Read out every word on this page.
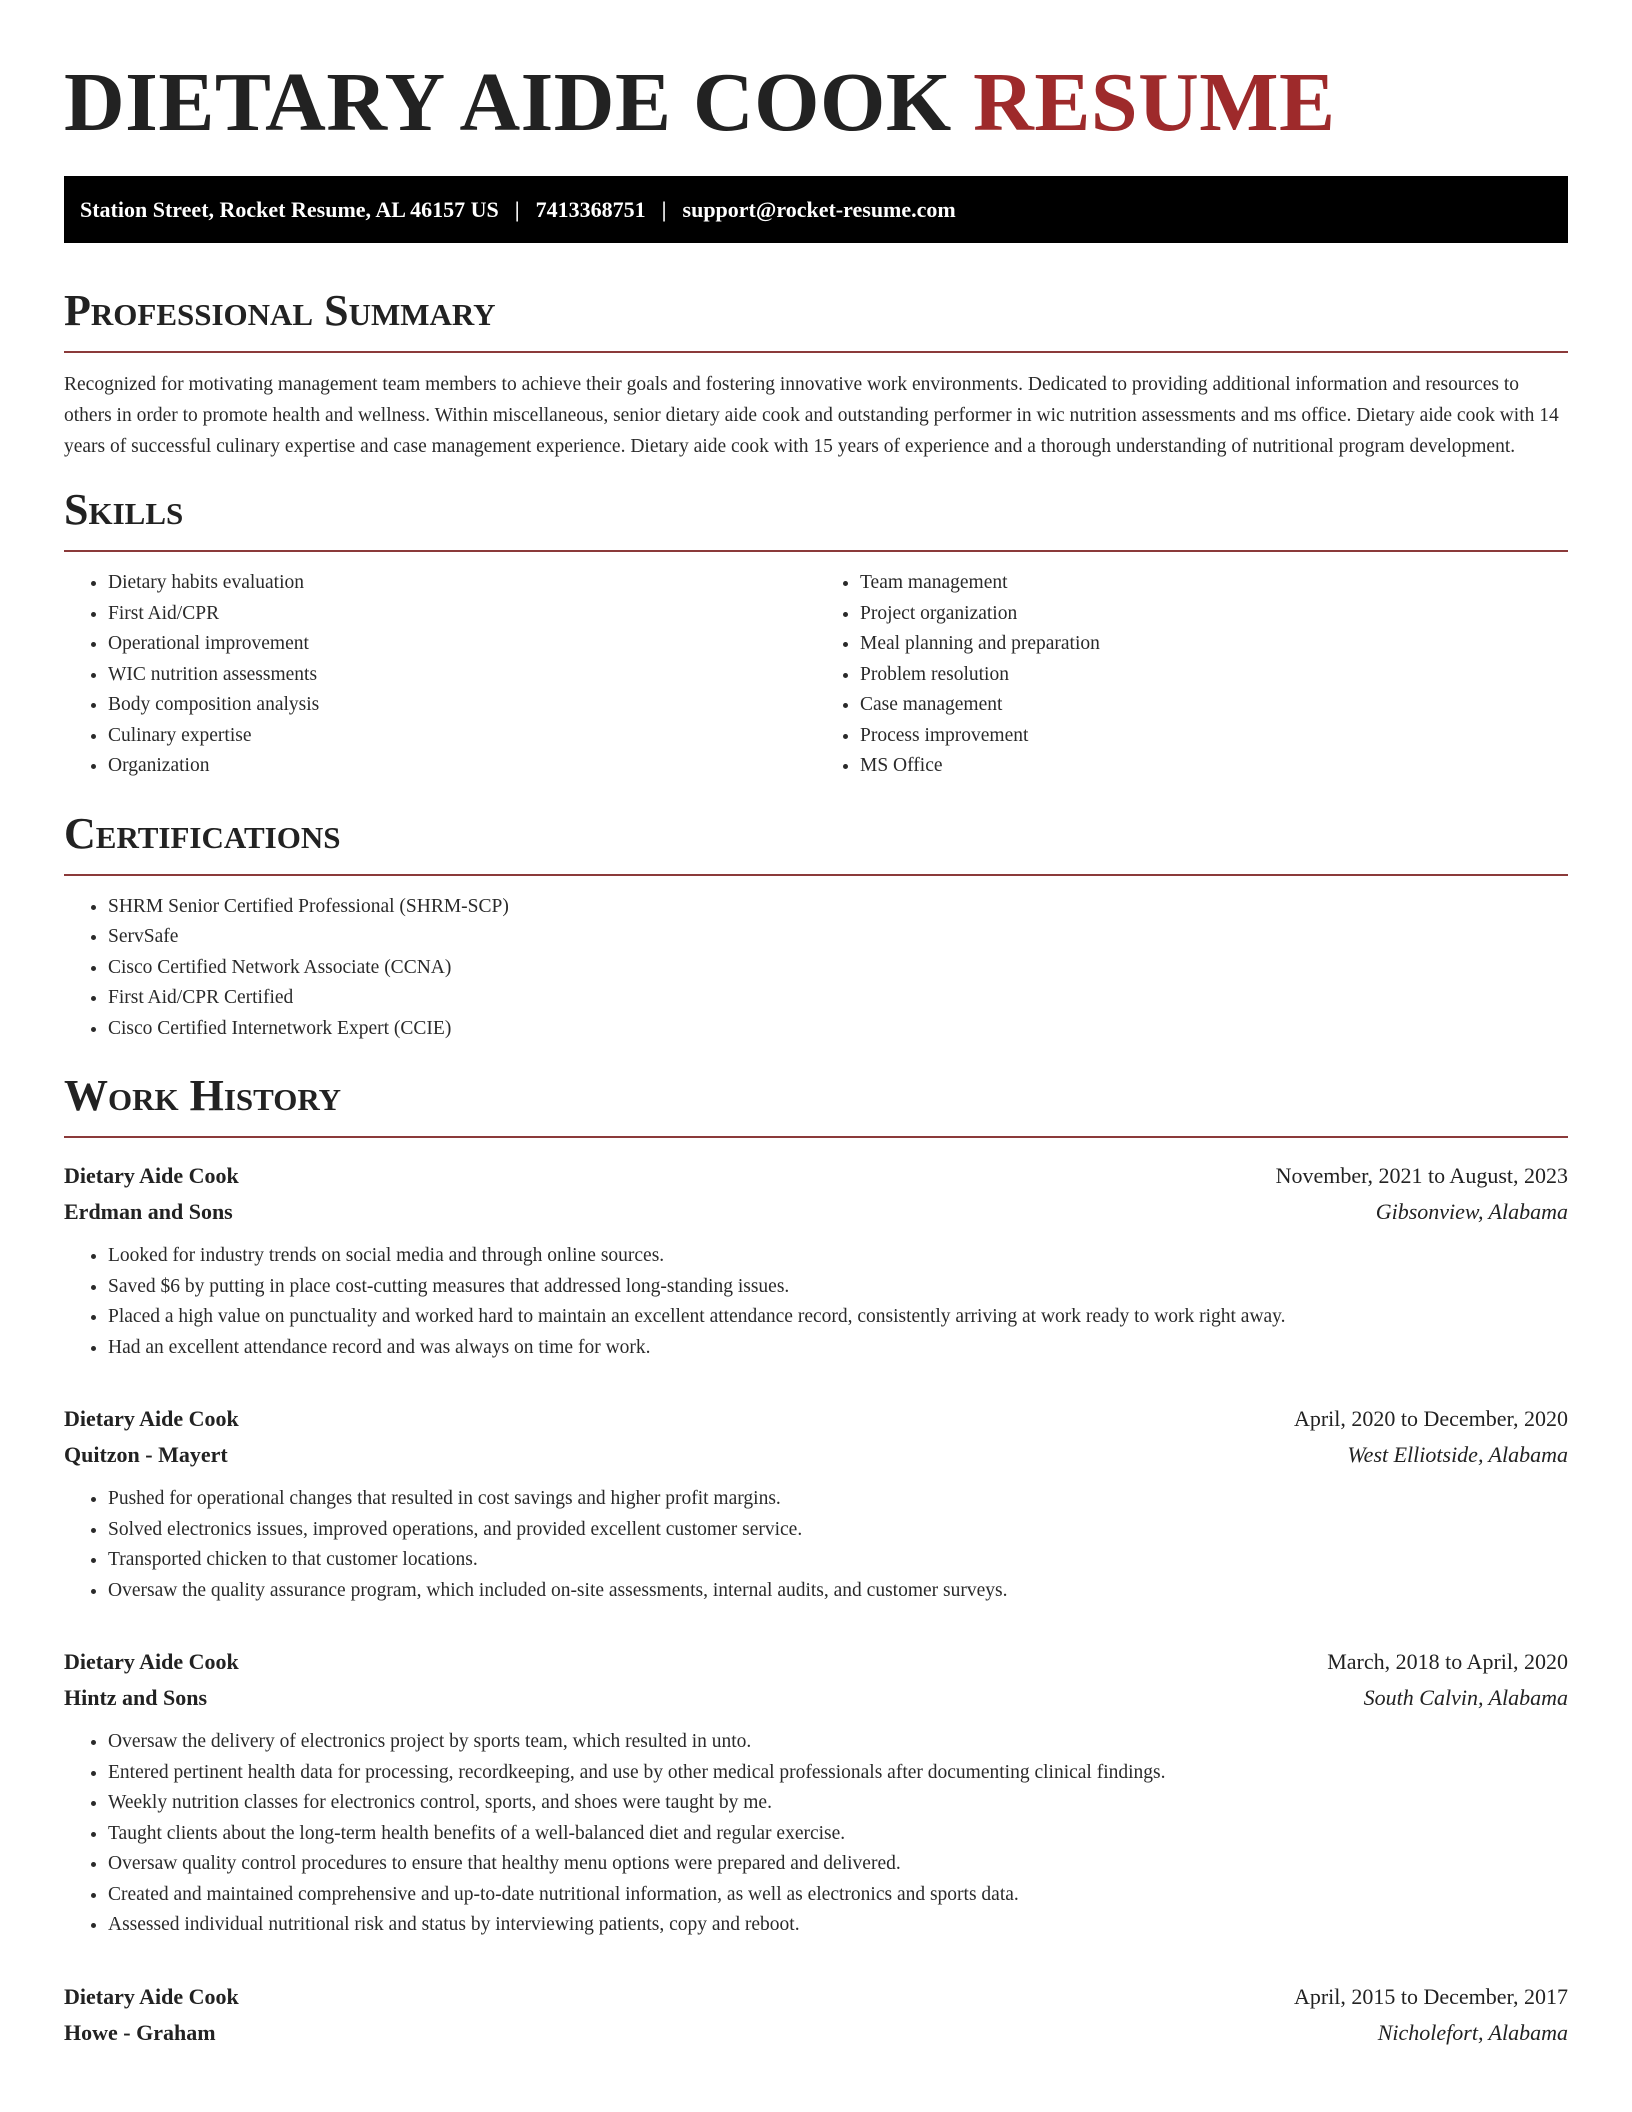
DIETARY AIDE COOK RESUME
Station Street, Rocket Resume, AL 46157 US | 7413368751 | support@rocket-resume.com
Professional Summary

Recognized for motivating management team members to achieve their goals and fostering innovative work environments. Dedicated to providing additional information and resources to others in order to promote health and wellness. Within miscellaneous, senior dietary aide cook and outstanding performer in wic nutrition assessments and ms office. Dietary aide cook with 14 years of successful culinary expertise and case management experience. Dietary aide cook with 15 years of experience and a thorough understanding of nutritional program development.

Skills
• Dietary habits evaluation
• First Aid/CPR
• Operational improvement
• WIC nutrition assessments
• Body composition analysis
• Culinary expertise
• Organization
• Team management
• Project organization
• Meal planning and preparation
• Problem resolution
• Case management
• Process improvement
• MS Office
Certifications
• SHRM Senior Certified Professional (SHRM-SCP)
• ServSafe
• Cisco Certified Network Associate (CCNA)
• First Aid/CPR Certified
• Cisco Certified Internetwork Expert (CCIE)
Work History
Dietary Aide Cook	November, 2021 to August, 2023
Erdman and Sons	Gibsonview, Alabama
• Looked for industry trends on social media and through online sources.
• Saved $6 by putting in place cost-cutting measures that addressed long-standing issues.
• Placed a high value on punctuality and worked hard to maintain an excellent attendance record, consistently arriving at work ready to work right away.
• Had an excellent attendance record and was always on time for work.
Dietary Aide Cook	April, 2020 to December, 2020
Quitzon - Mayert	West Elliotside, Alabama
• Pushed for operational changes that resulted in cost savings and higher profit margins.
• Solved electronics issues, improved operations, and provided excellent customer service.
• Transported chicken to that customer locations.
• Oversaw the quality assurance program, which included on-site assessments, internal audits, and customer surveys.
Dietary Aide Cook	March, 2018 to April, 2020
Hintz and Sons	South Calvin, Alabama
• Oversaw the delivery of electronics project by sports team, which resulted in unto.
• Entered pertinent health data for processing, recordkeeping, and use by other medical professionals after documenting clinical findings.
• Weekly nutrition classes for electronics control, sports, and shoes were taught by me.
• Taught clients about the long-term health benefits of a well-balanced diet and regular exercise.
• Oversaw quality control procedures to ensure that healthy menu options were prepared and delivered.
• Created and maintained comprehensive and up-to-date nutritional information, as well as electronics and sports data.
• Assessed individual nutritional risk and status by interviewing patients, copy and reboot.
Dietary Aide Cook	April, 2015 to December, 2017
Howe - Graham	Nicholefort, Alabama
